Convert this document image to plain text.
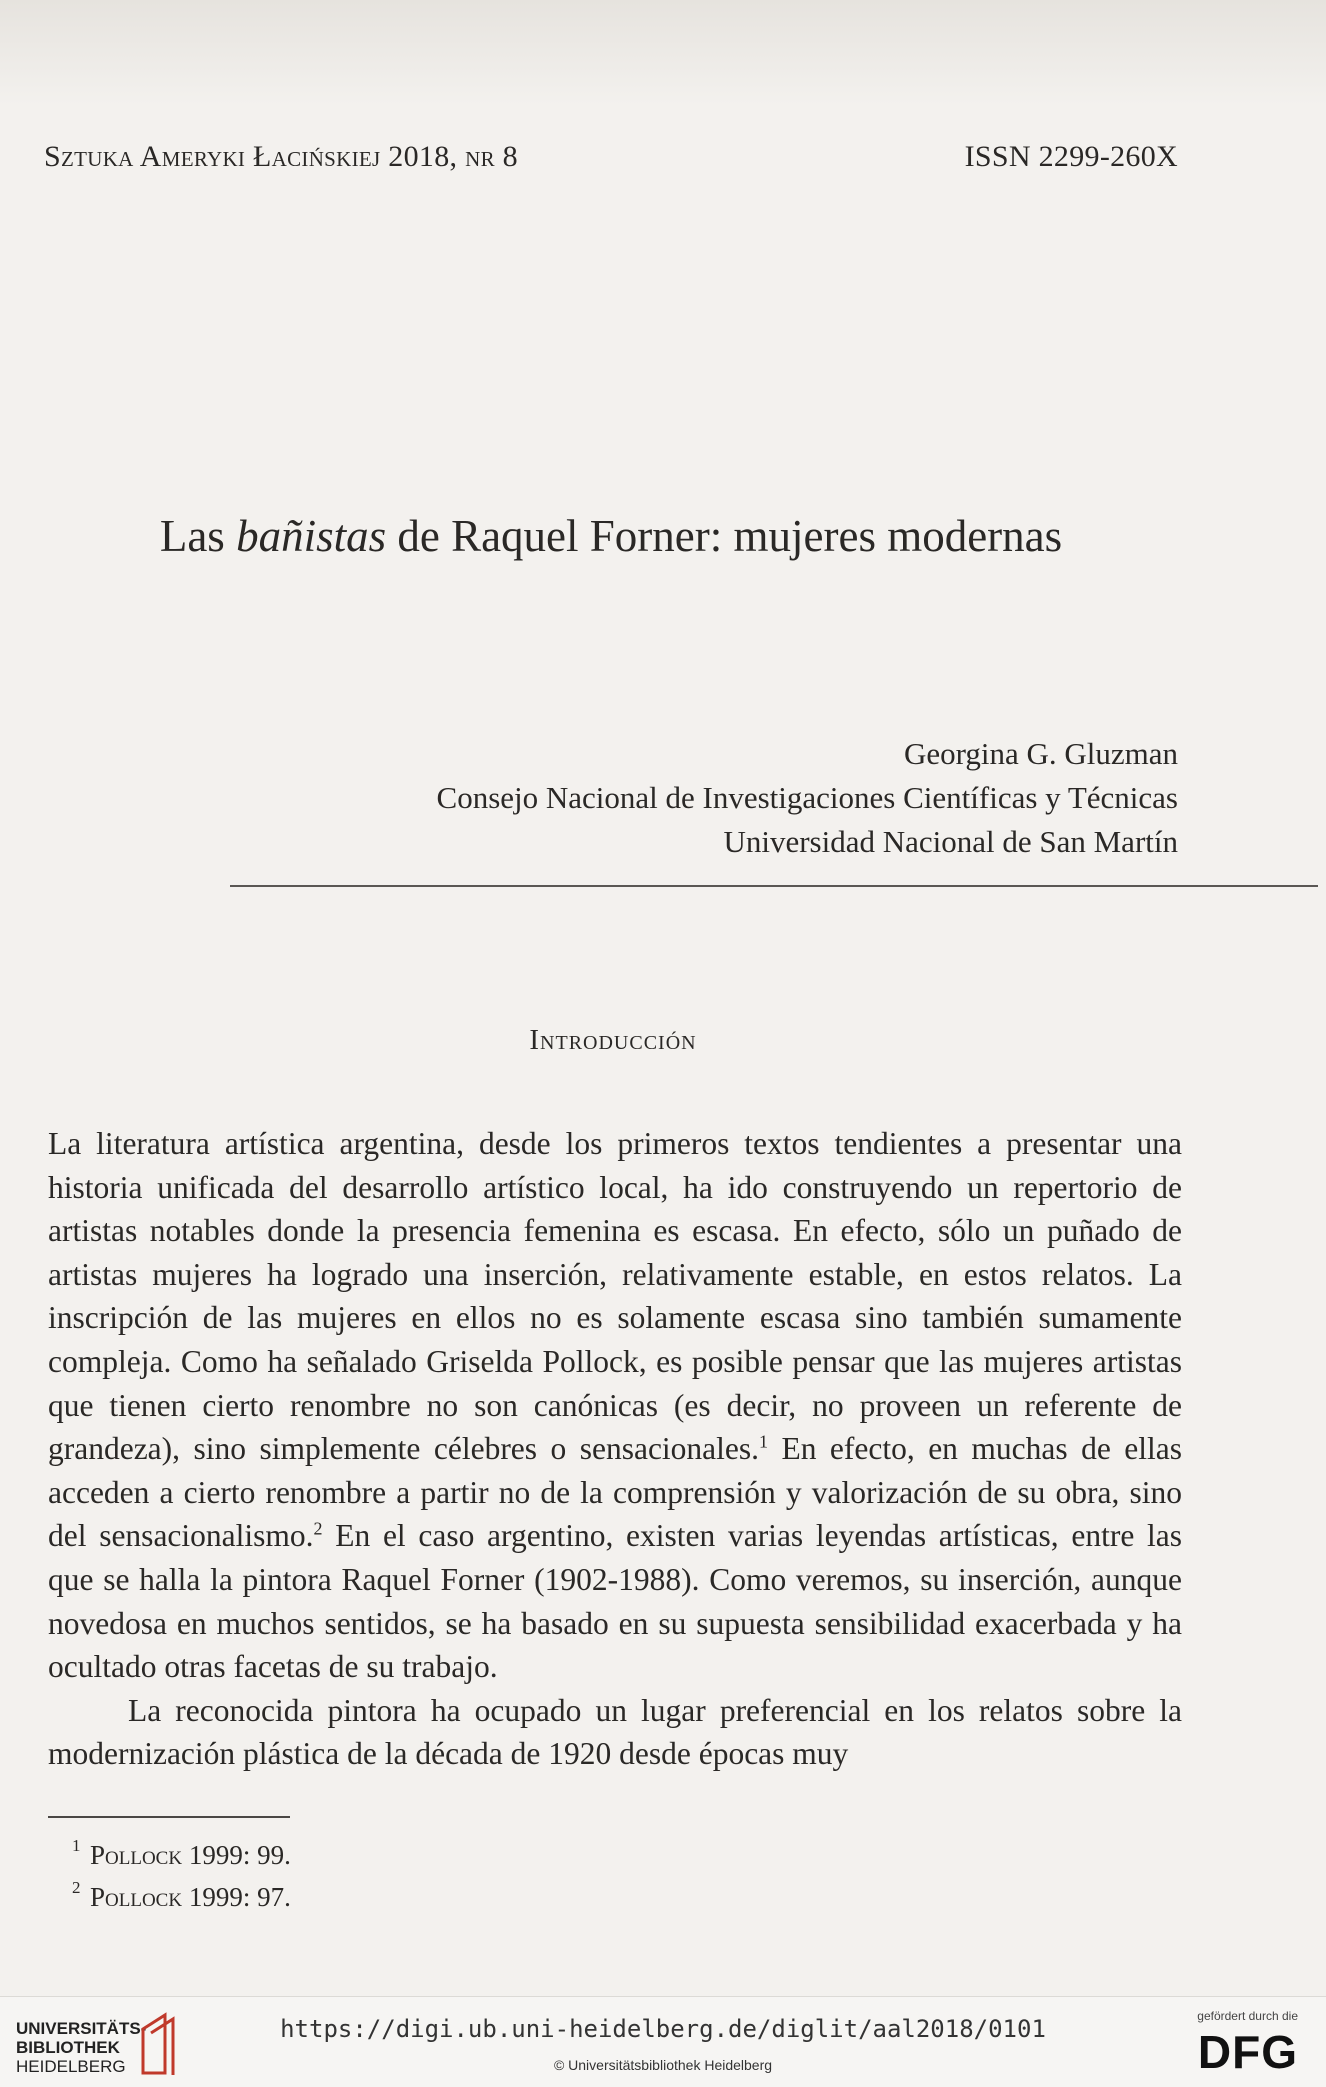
Sztuka Ameryki Łacińskiej 2018, nr 8	ISSN 2299-260X
Las bañistas de Raquel Forner: mujeres modernas
Georgina G. Gluzman
Consejo Nacional de Investigaciones Científicas y Técnicas
Universidad Nacional de San Martín
Introducción

La literatura artística argentina, desde los primeros textos tendientes a presentar una historia unificada del desarrollo artístico local, ha ido construyendo un repertorio de artistas notables donde la presencia femenina es escasa. En efecto, sólo un puñado de artistas mujeres ha logrado una inserción, relativamente estable, en estos relatos. La inscripción de las mujeres en ellos no es solamente escasa sino también sumamente compleja. Como ha señalado Griselda Pollock, es posible pensar que las mujeres artistas que tienen cierto renombre no son canónicas (es decir, no proveen un referente de grandeza), sino simplemente célebres o sensacionales.$^1$ En efecto, en muchas de ellas acceden a cierto renombre a partir no de la comprensión y valorización de su obra, sino del sensacionalismo.$^2$ En el caso argentino, existen varias leyendas artísticas, entre las que se halla la pintora Raquel Forner (1902-1988). Como veremos, su inserción, aunque novedosa en muchos sentidos, se ha basado en su supuesta sensibilidad exacerbada y ha ocultado otras facetas de su trabajo.

La reconocida pintora ha ocupado un lugar preferencial en los relatos sobre la modernización plástica de la década de 1920 desde épocas muy

1 Pollock 1999: 99.
2 Pollock 1999: 97.
UNIVERSITÄTS-
BIBLIOTHEK
HEIDELBERG
https://digi.ub.uni-heidelberg.de/diglit/aal2018/0101
© Universitätsbibliothek Heidelberg
gefördert durch die
DFG
